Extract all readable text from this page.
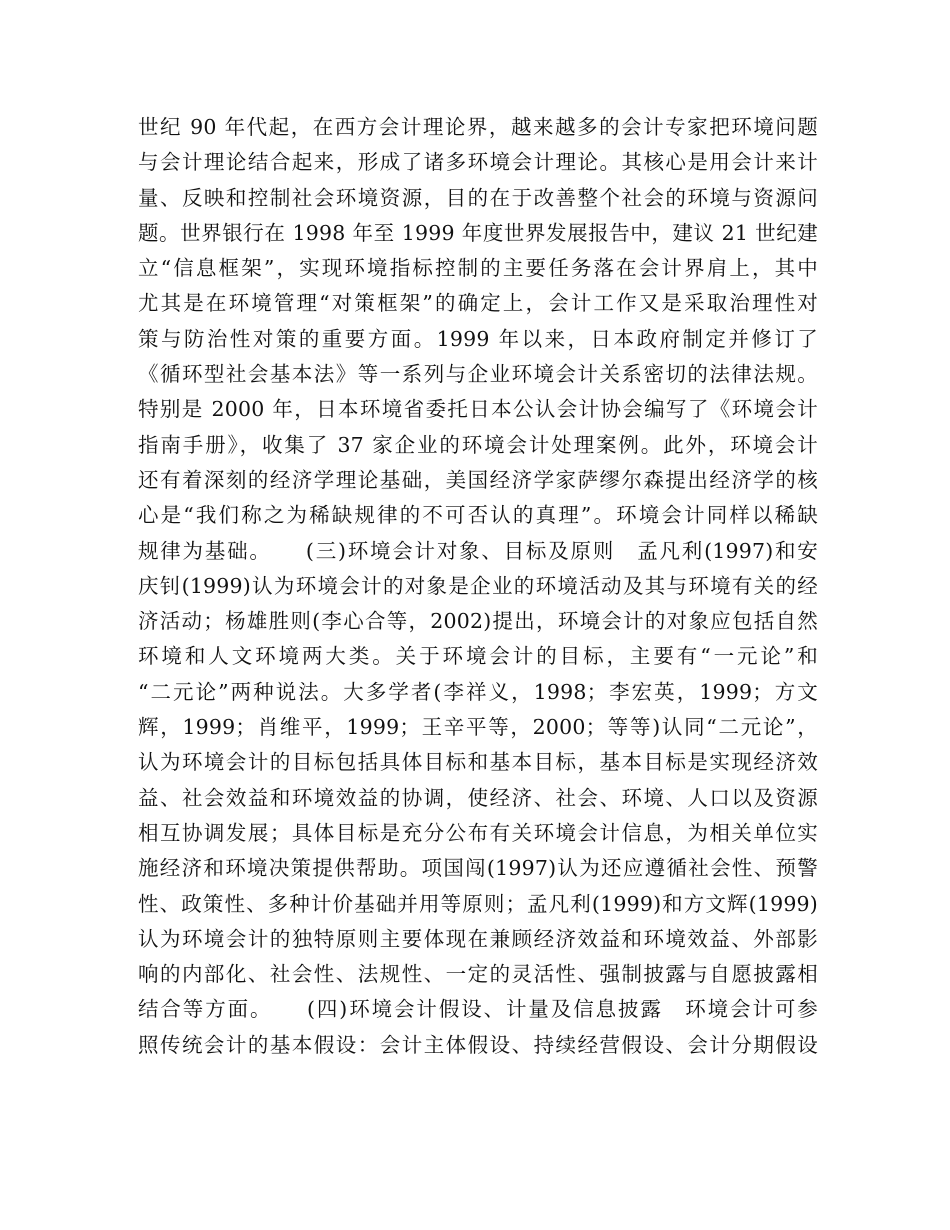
世纪 90 年代起，在西方会计理论界，越来越多的会计专家把环境问题
与会计理论结合起来，形成了诸多环境会计理论。其核心是用会计来计
量、反映和控制社会环境资源，目的在于改善整个社会的环境与资源问
题。世界银行在 1998 年至 1999 年度世界发展报告中，建议 21 世纪建
立“信息框架”，实现环境指标控制的主要任务落在会计界肩上，其中
尤其是在环境管理“对策框架”的确定上，会计工作又是采取治理性对
策与防治性对策的重要方面。1999 年以来，日本政府制定并修订了
《循环型社会基本法》等一系列与企业环境会计关系密切的法律法规。
特别是 2000 年，日本环境省委托日本公认会计协会编写了《环境会计
指南手册》，收集了 37 家企业的环境会计处理案例。此外，环境会计
还有着深刻的经济学理论基础，美国经济学家萨缪尔森提出经济学的核
心是“我们称之为稀缺规律的不可否认的真理”。环境会计同样以稀缺
规律为基础。　　(三)环境会计对象、目标及原则　孟凡利(1997)和安
庆钊(1999)认为环境会计的对象是企业的环境活动及其与环境有关的经
济活动；杨雄胜则(李心合等，2002)提出，环境会计的对象应包括自然
环境和人文环境两大类。关于环境会计的目标，主要有“一元论”和
“二元论”两种说法。大多学者(李祥义，1998；李宏英，1999；方文
辉，1999；肖维平，1999；王辛平等，2000；等等)认同“二元论”，
认为环境会计的目标包括具体目标和基本目标，基本目标是实现经济效
益、社会效益和环境效益的协调，使经济、社会、环境、人口以及资源
相互协调发展；具体目标是充分公布有关环境会计信息，为相关单位实
施经济和环境决策提供帮助。项国闯(1997)认为还应遵循社会性、预警
性、政策性、多种计价基础并用等原则；孟凡利(1999)和方文辉(1999)
认为环境会计的独特原则主要体现在兼顾经济效益和环境效益、外部影
响的内部化、社会性、法规性、一定的灵活性、强制披露与自愿披露相
结合等方面。　　(四)环境会计假设、计量及信息披露　环境会计可参
照传统会计的基本假设：会计主体假设、持续经营假设、会计分期假设
